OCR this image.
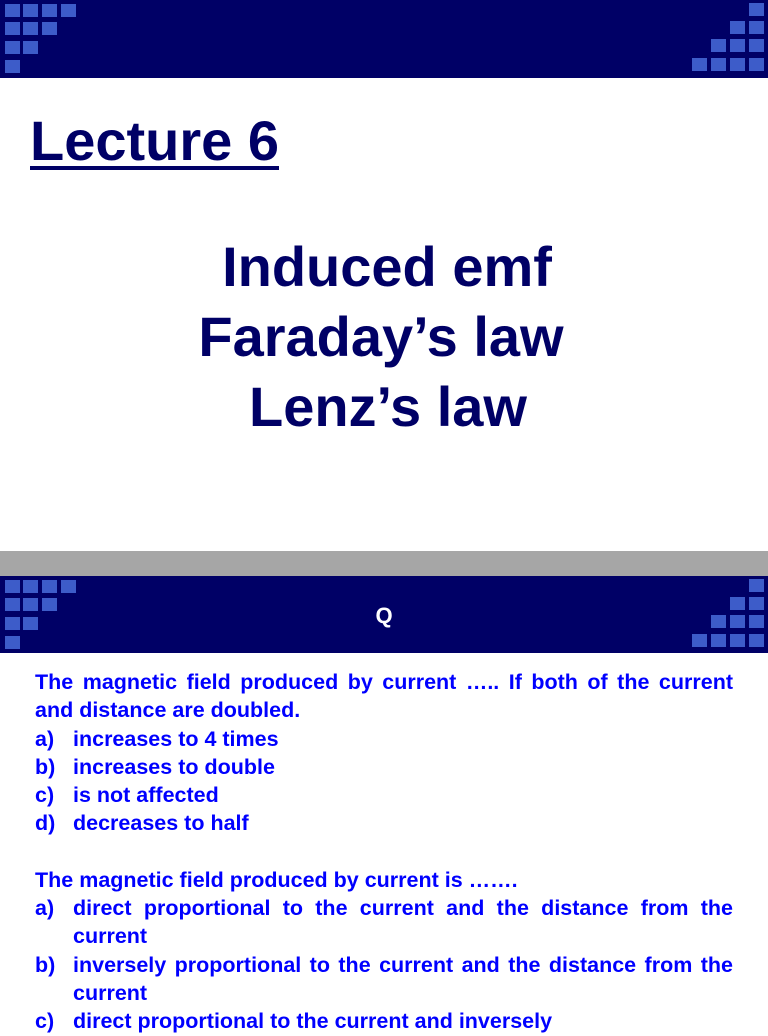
Lecture 6
Induced emf
Faraday’s law
Lenz’s law
Q
The magnetic field produced by current ….. If both of the current and distance are doubled.
a) increases to 4 times
b) increases to double
c) is not affected
d) decreases to half
The magnetic field produced by current is …….
a) direct proportional to the current and the distance from the current
b) inversely proportional to the current and the distance from the current
c) direct proportional to the current and inversely
